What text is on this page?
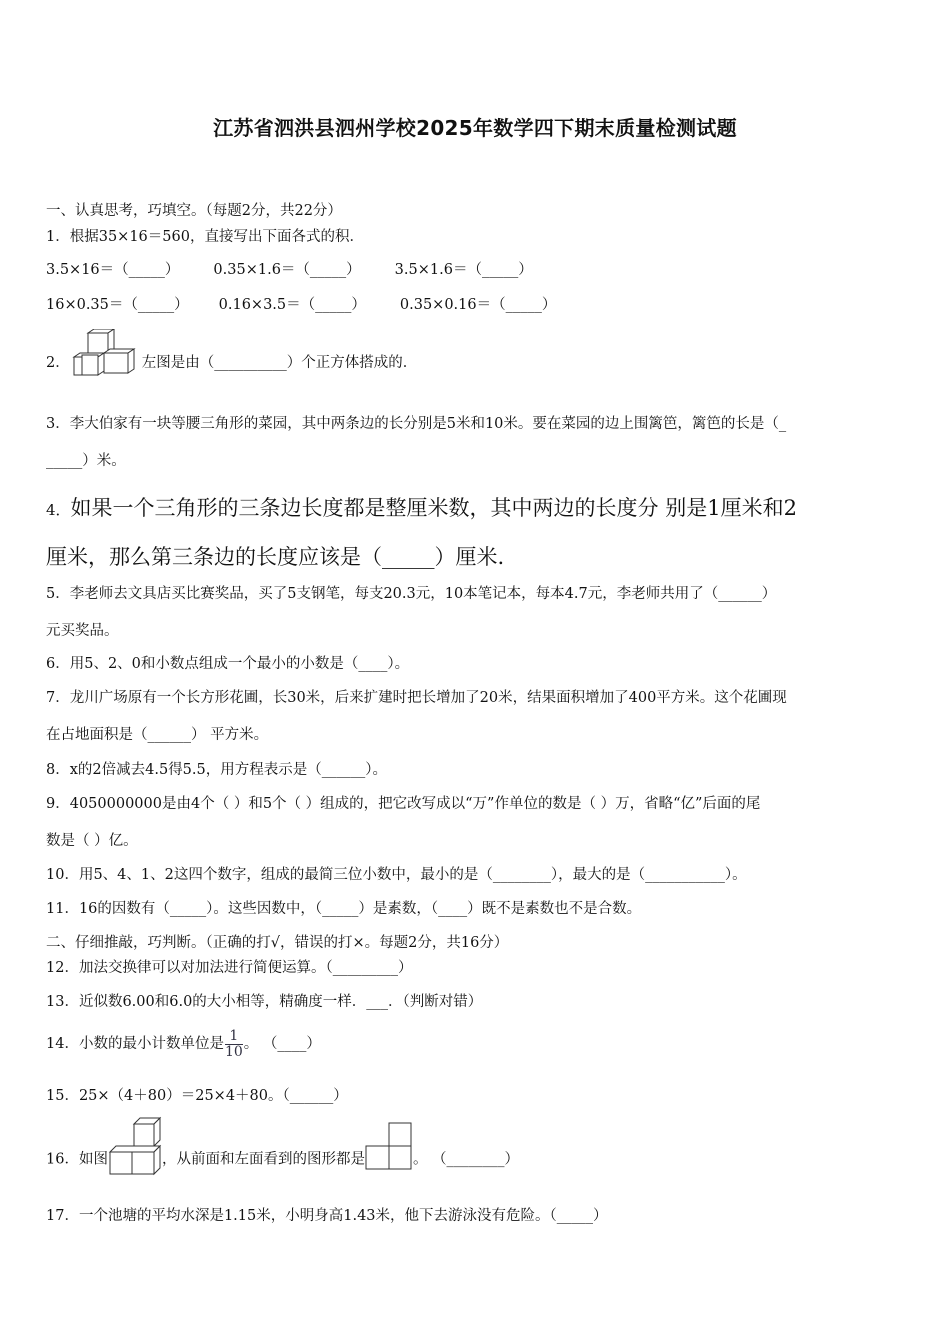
江苏省泗洪县泗州学校2025年数学四下期末质量检测试题
一、认真思考，巧填空。（每题2分，共22分）
1．根据35×16＝560，直接写出下面各式的积．
3.5×16＝（_____） 0.35×1.6＝（_____） 3.5×1.6＝（_____）
16×0.35＝（_____） 0.16×3.5＝（_____） 0.35×0.16＝（_____）
2．	左图是由（__________）个正方体搭成的．
3．李大伯家有一块等腰三角形的菜园，其中两条边的长分别是5米和10米。要在菜园的边上围篱笆，篱笆的长是（_
_____）米。
4．如果一个三角形的三条边长度都是整厘米数，其中两边的长度分 别是1厘米和2
厘米，那么第三条边的长度应该是（_____）厘米.
5．李老师去文具店买比赛奖品，买了5支钢笔，每支20.3元，10本笔记本，每本4.7元，李老师共用了（______）
元买奖品。
6．用5、2、0和小数点组成一个最小的小数是（____）。
7．龙川广场原有一个长方形花圃，长30米，后来扩建时把长增加了20米，结果面积增加了400平方米。这个花圃现
在占地面积是（______） 平方米。
8．x的2倍减去4.5得5.5，用方程表示是（______）。
9．4050000000是由4个（ ）和5个（ ）组成的，把它改写成以“万”作单位的数是（ ）万，省略“亿”后面的尾
数是（ ）亿。
10．用5、4、1、2这四个数字，组成的最简三位小数中，最小的是（________），最大的是（___________）。
11．16的因数有（_____）。这些因数中，（_____）是素数，（____）既不是素数也不是合数。
二、仔细推敲，巧判断。（正确的打√，错误的打×。每题2分，共16分）
12．加法交换律可以对加法进行简便运算。（_________）
13．近似数6.00和6.0的大小相等，精确度一样．___．（判断对错）
14．小数的最小计数单位是$\frac{1}{10}$ 。 （____）
15．25×（4＋80）＝25×4＋80。（______）
16．如图	，从前面和左面看到的图形都是	。 （________）
17．一个池塘的平均水深是1.15米，小明身高1.43米，他下去游泳没有危险。（_____）
